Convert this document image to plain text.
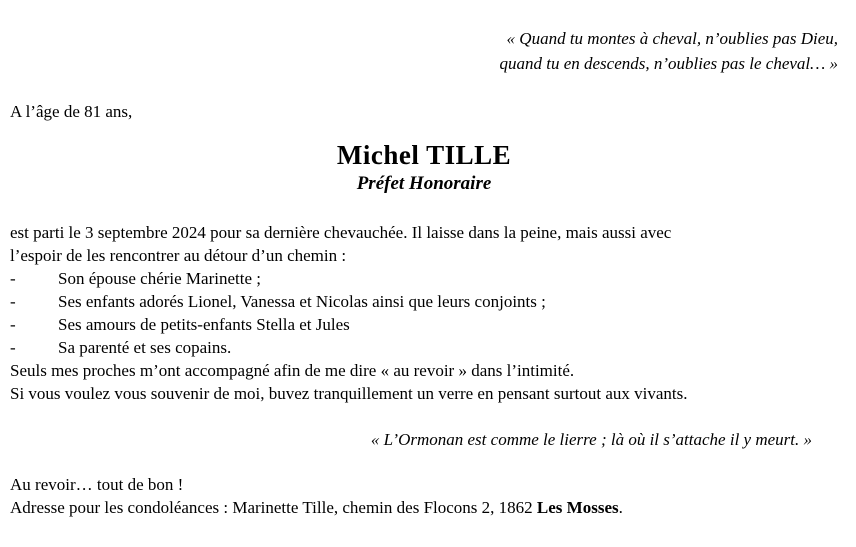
« Quand tu montes à cheval, n’oublies pas Dieu,
quand tu en descends, n’oublies pas le cheval… »
A l’âge de 81 ans,
Michel TILLE
Préfet Honoraire
est parti le 3 septembre 2024 pour sa dernière chevauchée. Il laisse dans la peine, mais aussi avec
l’espoir de les rencontrer au détour d’un chemin :
-	Son épouse chérie Marinette ;
-	Ses enfants adorés Lionel, Vanessa et Nicolas ainsi que leurs conjoints ;
-	Ses amours de petits-enfants Stella et Jules
-	Sa parenté et ses copains.
Seuls mes proches m’ont accompagné afin de me dire « au revoir » dans l’intimité.
Si vous voulez vous souvenir de moi, buvez tranquillement un verre en pensant surtout aux vivants.
« L’Ormonan est comme le lierre ; là où il s’attache il y meurt. »
Au revoir… tout de bon !
Adresse pour les condoléances : Marinette Tille, chemin des Flocons 2, 1862 Les Mosses.
